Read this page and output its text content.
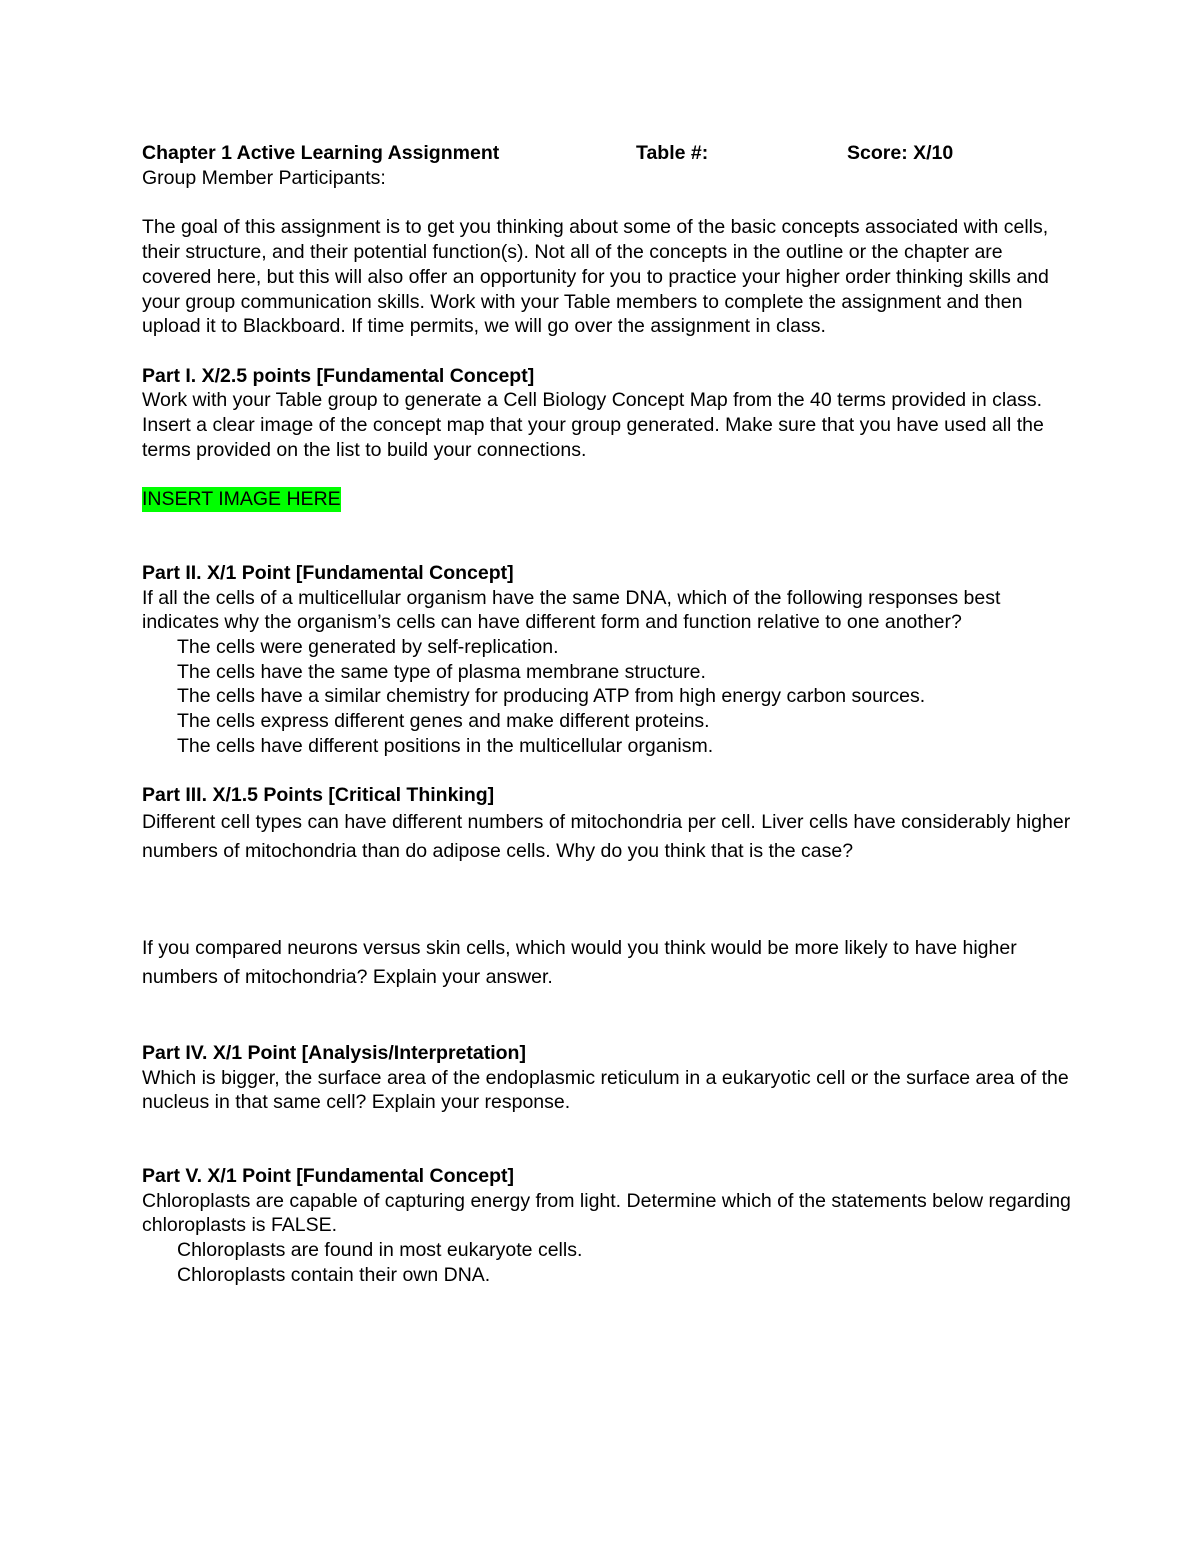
Chapter 1 Active Learning Assignment	Table #:	Score: X/10

Group Member Participants:

The goal of this assignment is to get you thinking about some of the basic concepts associated with cells, their structure, and their potential function(s). Not all of the concepts in the outline or the chapter are covered here, but this will also offer an opportunity for you to practice your higher order thinking skills and your group communication skills. Work with your Table members to complete the assignment and then upload it to Blackboard. If time permits, we will go over the assignment in class.

Part I. X/2.5 points [Fundamental Concept]

Work with your Table group to generate a Cell Biology Concept Map from the 40 terms provided in class. Insert a clear image of the concept map that your group generated. Make sure that you have used all the terms provided on the list to build your connections.

INSERT IMAGE HERE
Part II. X/1 Point [Fundamental Concept]

If all the cells of a multicellular organism have the same DNA, which of the following responses best indicates why the organism’s cells can have different form and function relative to one another?

The cells were generated by self-replication.
The cells have the same type of plasma membrane structure.
The cells have a similar chemistry for producing ATP from high energy carbon sources.
The cells express different genes and make different proteins.
The cells have different positions in the multicellular organism.
Part III. X/1.5 Points [Critical Thinking]

Different cell types can have different numbers of mitochondria per cell. Liver cells have considerably higher numbers of mitochondria than do adipose cells. Why do you think that is the case?

If you compared neurons versus skin cells, which would you think would be more likely to have higher numbers of mitochondria? Explain your answer.

Part IV. X/1 Point [Analysis/Interpretation]

Which is bigger, the surface area of the endoplasmic reticulum in a eukaryotic cell or the surface area of the nucleus in that same cell? Explain your response.

Part V. X/1 Point [Fundamental Concept]

Chloroplasts are capable of capturing energy from light. Determine which of the statements below regarding chloroplasts is FALSE.

Chloroplasts are found in most eukaryote cells.
Chloroplasts contain their own DNA.
